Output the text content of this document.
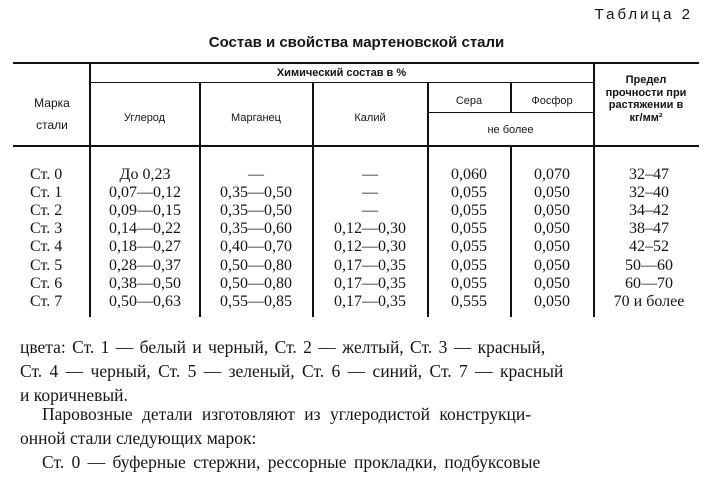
Таблица 2
Состав и свойства мартеновской стали
Марка стали
Химический состав в %
Углерод	Марганец	Калий
Сера	Фосфор
не более
Предел прочности при растяжении в кг/мм²
Ст. 0	До 0,23	—	—	0,060	0,070	32–47
Ст. 1	0,07—0,12	0,35—0,50	—	0,055	0,050	32–40
Ст. 2	0,09—0,15	0,35—0,50	—	0,055	0,050	34–42
Ст. 3	0,14—0,22	0,35—0,60	0,12—0,30	0,055	0,050	38–47
Ст. 4	0,18—0,27	0,40—0,70	0,12—0,30	0,055	0,050	42–52
Ст. 5	0,28—0,37	0,50—0,80	0,17—0,35	0,055	0,050	50—60
Ст. 6	0,38—0,50	0,50—0,80	0,17—0,35	0,055	0,050	60—70
Ст. 7	0,50—0,63	0,55—0,85	0,17—0,35	0,555	0,050	70 и более
цвета: Ст. 1 — белый и черный, Ст. 2 — желтый, Ст. 3 — красный,
Ст. 4 — черный, Ст. 5 — зеленый, Ст. 6 — синий, Ст. 7 — красный
и коричневый.
Паровозные детали изготовляют из углеродистой конструкци-
онной стали следующих марок:
Ст. 0 — буферные стержни, рессорные прокладки, подбуксовые
